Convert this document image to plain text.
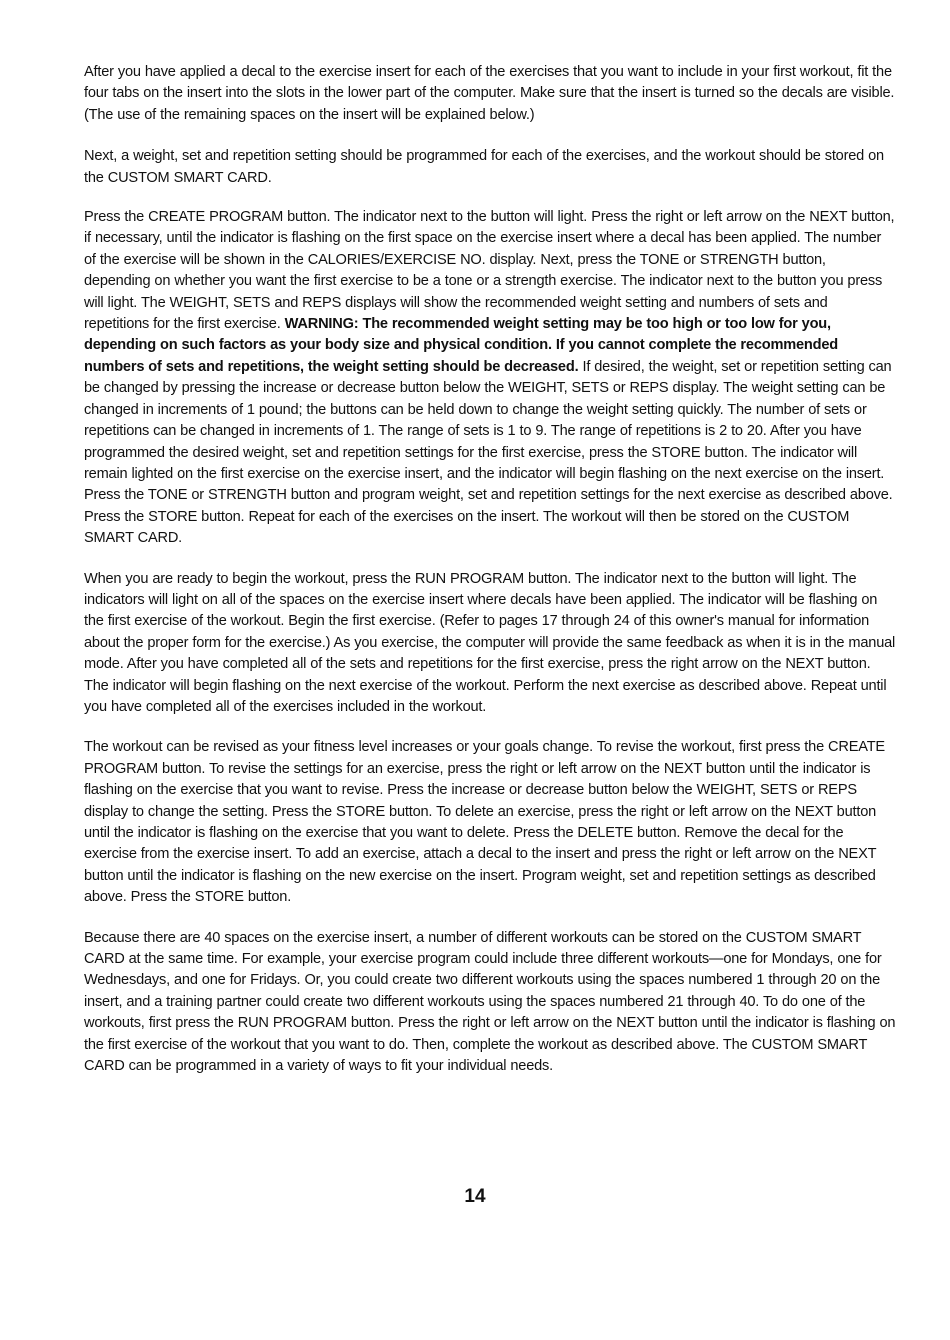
After you have applied a decal to the exercise insert for each of the exercises that you want to include in your first workout, fit the four tabs on the insert into the slots in the lower part of the computer. Make sure that the insert is turned so the decals are visible. (The use of the remaining spaces on the insert will be explained below.)

Next, a weight, set and repetition setting should be programmed for each of the exercises, and the workout should be stored on the CUSTOM SMART CARD.

Press the CREATE PROGRAM button. The indicator next to the button will light. Press the right or left arrow on the NEXT button, if necessary, until the indicator is flashing on the first space on the exercise insert where a decal has been applied. The number of the exercise will be shown in the CALORIES/EXERCISE NO. display. Next, press the TONE or STRENGTH button, depending on whether you want the first exercise to be a tone or a strength exercise. The indicator next to the button you press will light. The WEIGHT, SETS and REPS displays will show the recommended weight setting and numbers of sets and repetitions for the first exercise. WARNING: The recommended weight setting may be too high or too low for you, depending on such factors as your body size and physical condition. If you cannot complete the recommended numbers of sets and repetitions, the weight setting should be decreased. If desired, the weight, set or repetition setting can be changed by pressing the increase or decrease button below the WEIGHT, SETS or REPS display. The weight setting can be changed in increments of 1 pound; the buttons can be held down to change the weight setting quickly. The number of sets or repetitions can be changed in increments of 1. The range of sets is 1 to 9. The range of repetitions is 2 to 20. After you have programmed the desired weight, set and repetition settings for the first exercise, press the STORE button. The indicator will remain lighted on the first exercise on the exercise insert, and the indicator will begin flashing on the next exercise on the insert. Press the TONE or STRENGTH button and program weight, set and repetition settings for the next exercise as described above. Press the STORE button. Repeat for each of the exercises on the insert. The workout will then be stored on the CUSTOM SMART CARD.

When you are ready to begin the workout, press the RUN PROGRAM button. The indicator next to the button will light. The indicators will light on all of the spaces on the exercise insert where decals have been applied. The indicator will be flashing on the first exercise of the workout. Begin the first exercise. (Refer to pages 17 through 24 of this owner's manual for information about the proper form for the exercise.) As you exercise, the computer will provide the same feedback as when it is in the manual mode. After you have completed all of the sets and repetitions for the first exercise, press the right arrow on the NEXT button. The indicator will begin flashing on the next exercise of the workout. Perform the next exercise as described above. Repeat until you have completed all of the exercises included in the workout.

The workout can be revised as your fitness level increases or your goals change. To revise the workout, first press the CREATE PROGRAM button. To revise the settings for an exercise, press the right or left arrow on the NEXT button until the indicator is flashing on the exercise that you want to revise. Press the increase or decrease button below the WEIGHT, SETS or REPS display to change the setting. Press the STORE button. To delete an exercise, press the right or left arrow on the NEXT button until the indicator is flashing on the exercise that you want to delete. Press the DELETE button. Remove the decal for the exercise from the exercise insert. To add an exercise, attach a decal to the insert and press the right or left arrow on the NEXT button until the indicator is flashing on the new exercise on the insert. Program weight, set and repetition settings as described above. Press the STORE button.

Because there are 40 spaces on the exercise insert, a number of different workouts can be stored on the CUSTOM SMART CARD at the same time. For example, your exercise program could include three different workouts—one for Mondays, one for Wednesdays, and one for Fridays. Or, you could create two different workouts using the spaces numbered 1 through 20 on the insert, and a training partner could create two different workouts using the spaces numbered 21 through 40. To do one of the workouts, first press the RUN PROGRAM button. Press the right or left arrow on the NEXT button until the indicator is flashing on the first exercise of the workout that you want to do. Then, complete the workout as described above. The CUSTOM SMART CARD can be programmed in a variety of ways to fit your individual needs.

14
